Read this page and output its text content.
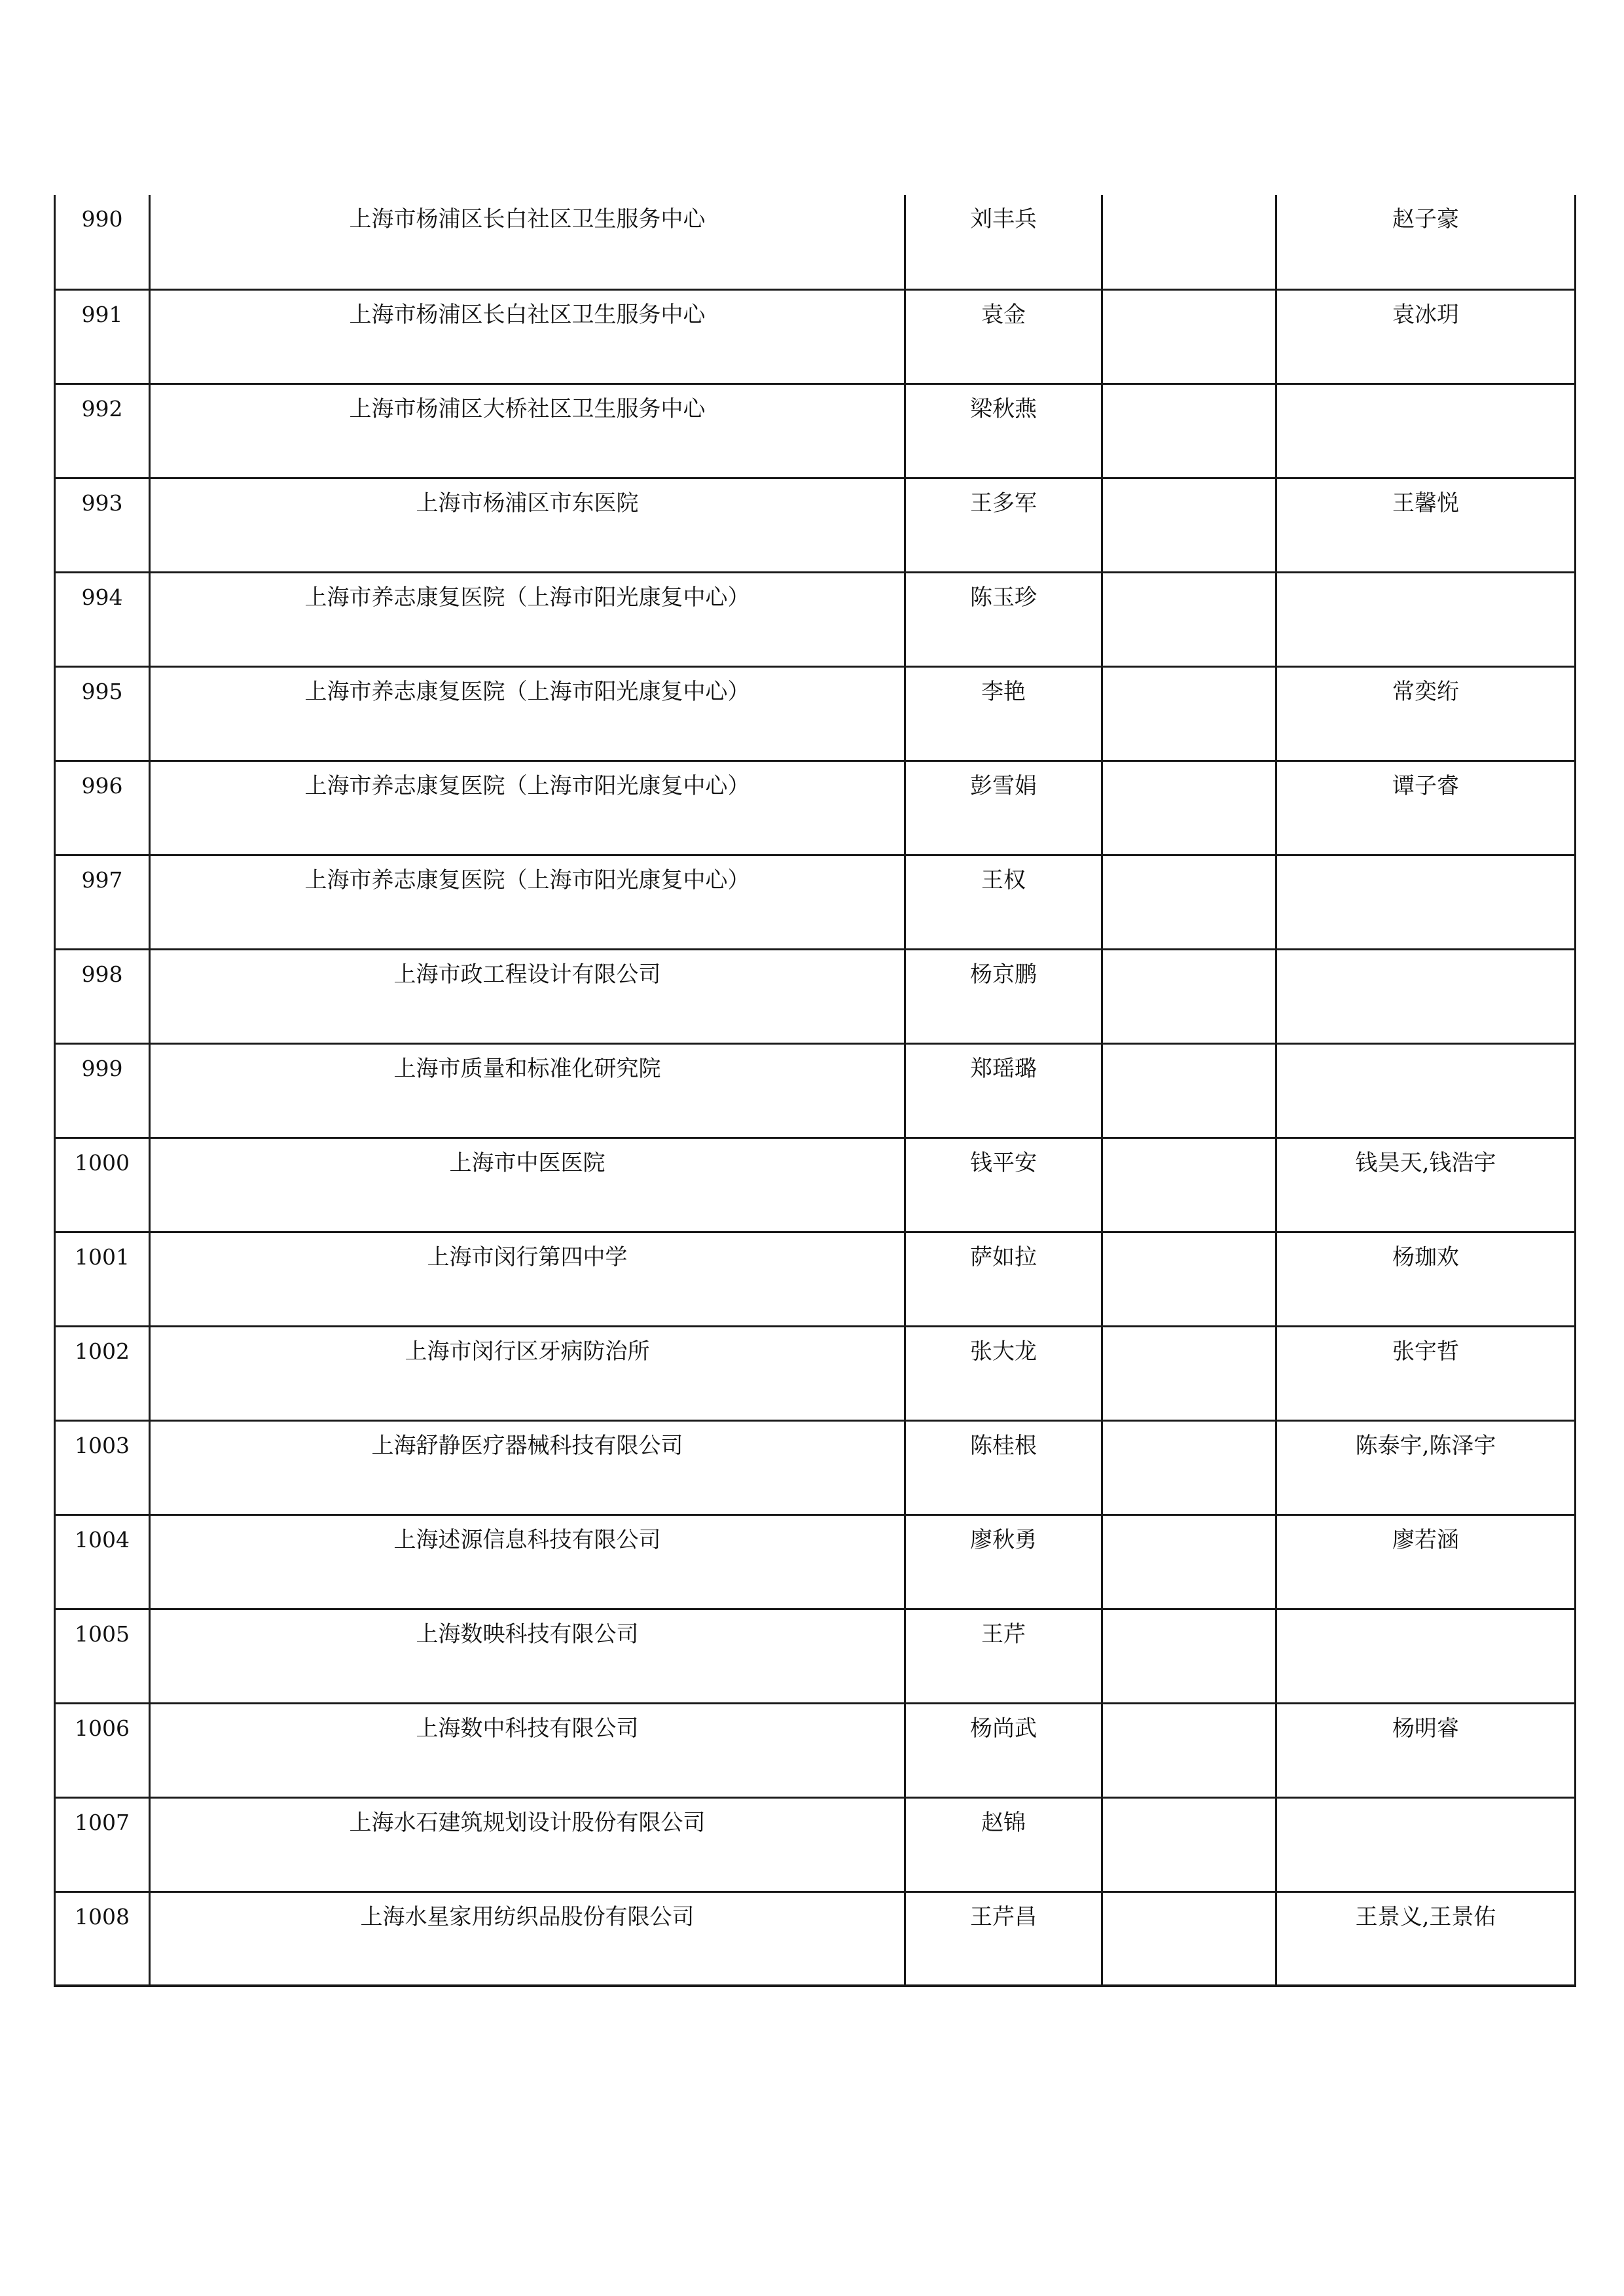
990	上海市杨浦区长白社区卫生服务中心	刘丰兵		赵子豪
991	上海市杨浦区长白社区卫生服务中心	袁金		袁冰玥
992	上海市杨浦区大桥社区卫生服务中心	梁秋燕		
993	上海市杨浦区市东医院	王多军		王馨悦
994	上海市养志康复医院（上海市阳光康复中心）	陈玉珍		
995	上海市养志康复医院（上海市阳光康复中心）	李艳		常奕绗
996	上海市养志康复医院（上海市阳光康复中心）	彭雪娟		谭子睿
997	上海市养志康复医院（上海市阳光康复中心）	王权		
998	上海市政工程设计有限公司	杨京鹏		
999	上海市质量和标准化研究院	郑瑶璐		
1000	上海市中医医院	钱平安		钱昊天,钱浩宇
1001	上海市闵行第四中学	萨如拉		杨珈欢
1002	上海市闵行区牙病防治所	张大龙		张宇哲
1003	上海舒静医疗器械科技有限公司	陈桂根		陈泰宇,陈泽宇
1004	上海述源信息科技有限公司	廖秋勇		廖若涵
1005	上海数映科技有限公司	王芹		
1006	上海数中科技有限公司	杨尚武		杨明睿
1007	上海水石建筑规划设计股份有限公司	赵锦		
1008	上海水星家用纺织品股份有限公司	王芹昌		王景义,王景佑
